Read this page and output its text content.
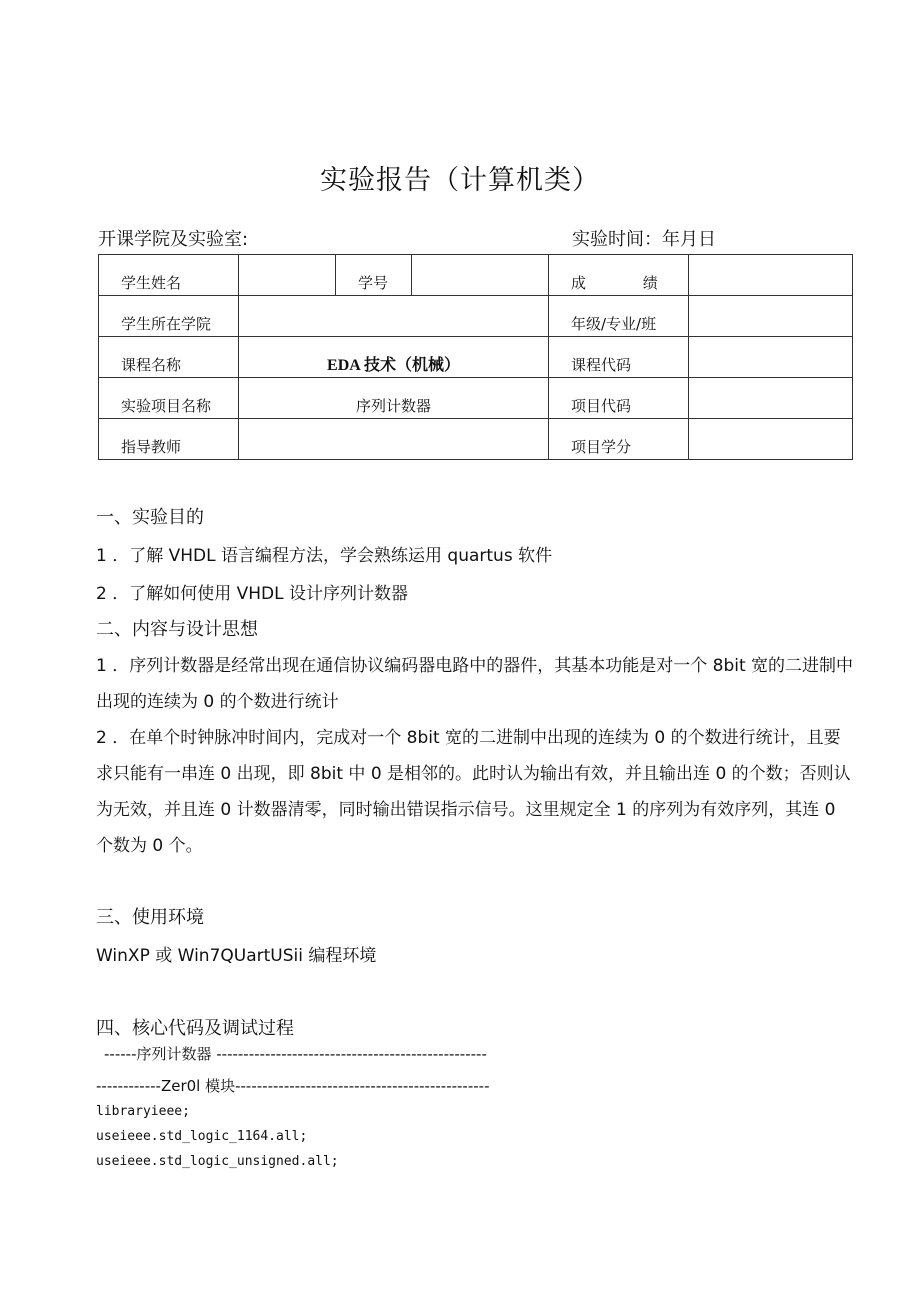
实验报告（计算机类）
开课学院及实验室:	实验时间：年月日
学生姓名		学号		成 绩	
学生所在学院				年级/专业/班	
课程名称	EDA 技术（机械）			课程代码	
实验项目名称	序列计数器			项目代码	
指导教师				项目学分	
一、实验目的
1 ．了解 VHDL 语言编程方法，学会熟练运用 quartus 软件
2 ．了解如何使用 VHDL 设计序列计数器
二、内容与设计思想
1 ．序列计数器是经常出现在通信协议编码器电路中的器件，其基本功能是对一个 8bit 宽的二进制中出现的连续为 0 的个数进行统计
2 ．在单个时钟脉冲时间内，完成对一个 8bit 宽的二进制中出现的连续为 0 的个数进行统计，且要求只能有一串连 0 出现，即 8bit 中 0 是相邻的。此时认为输出有效，并且输出连 0 的个数；否则认为无效，并且连 0 计数器清零，同时输出错误指示信号。这里规定全 1 的序列为有效序列，其连 0 个数为 0 个。
三、使用环境
WinXP 或 Win7QUartUSii 编程环境
四、核心代码及调试过程
------序列计数器 --------------------------------------------------
------------Zer0l 模块-----------------------------------------------
libraryieee;
useieee.std_logic_1164.all;
useieee.std_logic_unsigned.all;
